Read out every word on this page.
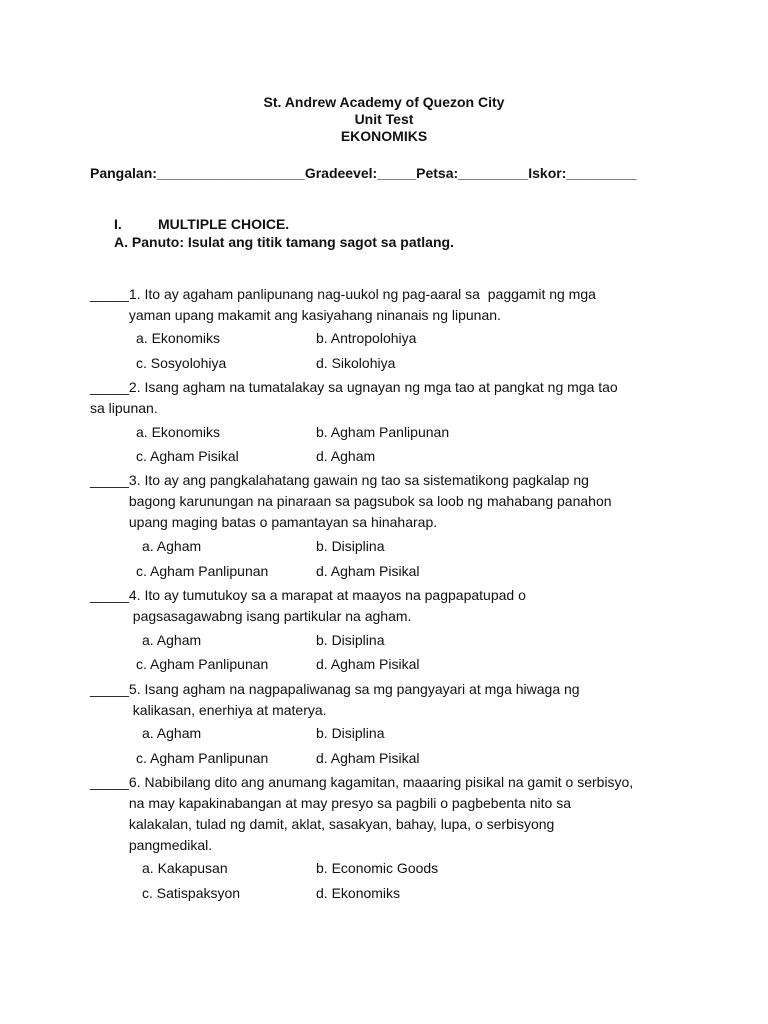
St. Andrew Academy of Quezon City
Unit Test
EKONOMIKS
Pangalan:___________________Gradeevel:_____Petsa:_________Iskor:_________
I.	MULTIPLE CHOICE.
A. Panuto: Isulat ang titik tamang sagot sa patlang.
_____1. Ito ay agaham panlipunang nag-uukol ng pag-aaral sa  paggamit ng mga
yaman upang makamit ang kasiyahang ninanais ng lipunan.
a. Ekonomiks	b. Antropolohiya
c. Sosyolohiya	d. Sikolohiya
_____2. Isang agham na tumatalakay sa ugnayan ng mga tao at pangkat ng mga tao
sa lipunan.
a. Ekonomiks	b. Agham Panlipunan
c. Agham Pisikal	d. Agham
_____3. Ito ay ang pangkalahatang gawain ng tao sa sistematikong pagkalap ng
bagong karunungan na pinaraan sa pagsubok sa loob ng mahabang panahon
upang maging batas o pamantayan sa hinaharap.
a. Agham	b. Disiplina
c. Agham Panlipunan	d. Agham Pisikal
_____4. Ito ay tumutukoy sa a marapat at maayos na pagpapatupad o
pagsasagawabng isang partikular na agham.
a. Agham	b. Disiplina
c. Agham Panlipunan	d. Agham Pisikal
_____5. Isang agham na nagpapaliwanag sa mg pangyayari at mga hiwaga ng
kalikasan, enerhiya at materya.
a. Agham	b. Disiplina
c. Agham Panlipunan	d. Agham Pisikal
_____6. Nabibilang dito ang anumang kagamitan, maaaring pisikal na gamit o serbisyo,
na may kapakinabangan at may presyo sa pagbili o pagbebenta nito sa
kalakalan, tulad ng damit, aklat, sasakyan, bahay, lupa, o serbisyong
pangmedikal.
a. Kakapusan	b. Economic Goods
c. Satispaksyon	d. Ekonomiks
